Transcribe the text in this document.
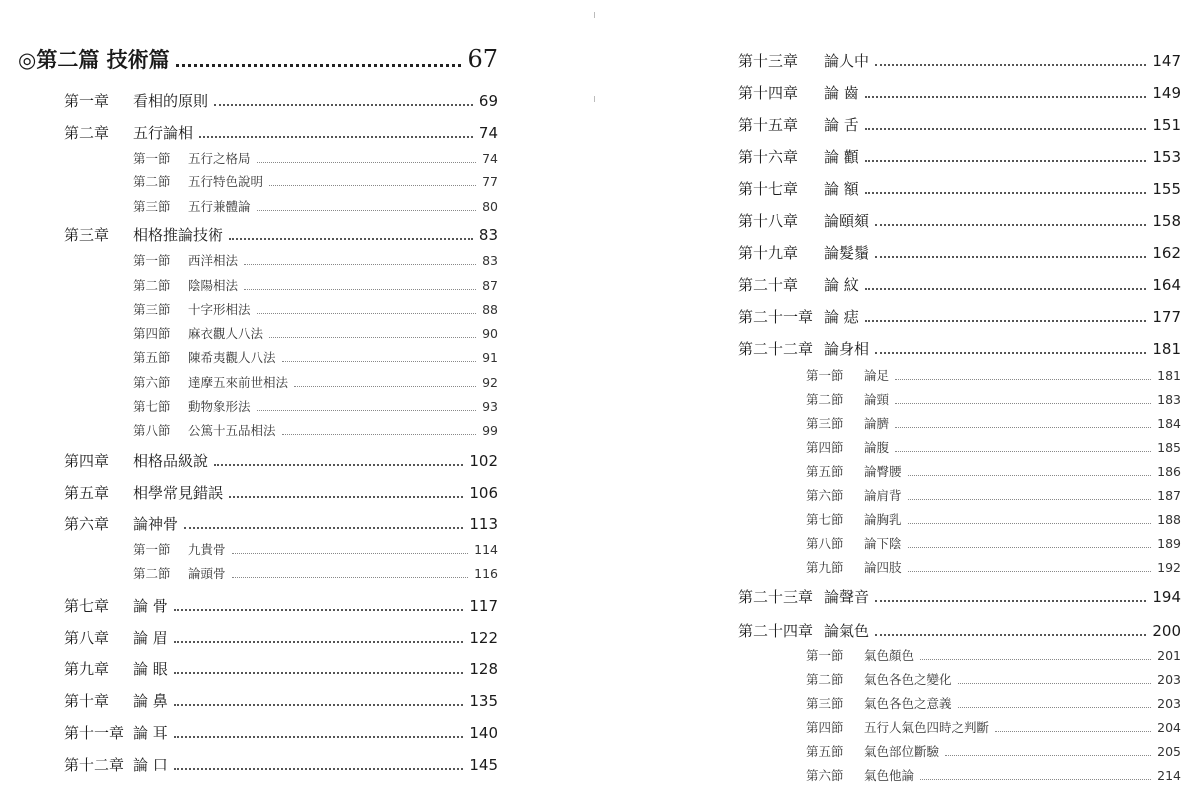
◎第二篇 技術篇	67
第一章	看相的原則	69
第二章	五行論相	74
第一節	五行之格局	74
第二節	五行特色說明	77
第三節	五行兼體論	80
第三章	相格推論技術	83
第一節	西洋相法	83
第二節	陰陽相法	87
第三節	十字形相法	88
第四節	麻衣觀人八法	90
第五節	陳希夷觀人八法	91
第六節	達摩五來前世相法	92
第七節	動物象形法	93
第八節	公篤十五品相法	99
第四章	相格品級說	102
第五章	相學常見錯誤	106
第六章	論神骨	113
第一節	九貴骨	114
第二節	論頭骨	116
第七章	論 骨	117
第八章	論 眉	122
第九章	論 眼	128
第十章	論 鼻	135
第十一章 論 耳	140
第十二章 論 口	145
第十三章	論人中	147
第十四章	論 齒	149
第十五章	論 舌	151
第十六章	論 顴	153
第十七章	論 額	155
第十八章	論頤頦	158
第十九章	論髮鬚	162
第二十章	論 紋	164
第二十一章 論 痣	177
第二十二章 論身相	181
第一節	論足	181
第二節	論頸	183
第三節	論臍	184
第四節	論腹	185
第五節	論臀腰	186
第六節	論肩背	187
第七節	論胸乳	188
第八節	論下陰	189
第九節	論四肢	192
第二十三章 論聲音	194
第二十四章 論氣色	200
第一節	氣色顏色	201
第二節	氣色各色之變化	203
第三節	氣色各色之意義	203
第四節	五行人氣色四時之判斷	204
第五節	氣色部位斷驗	205
第六節	氣色他論	214
